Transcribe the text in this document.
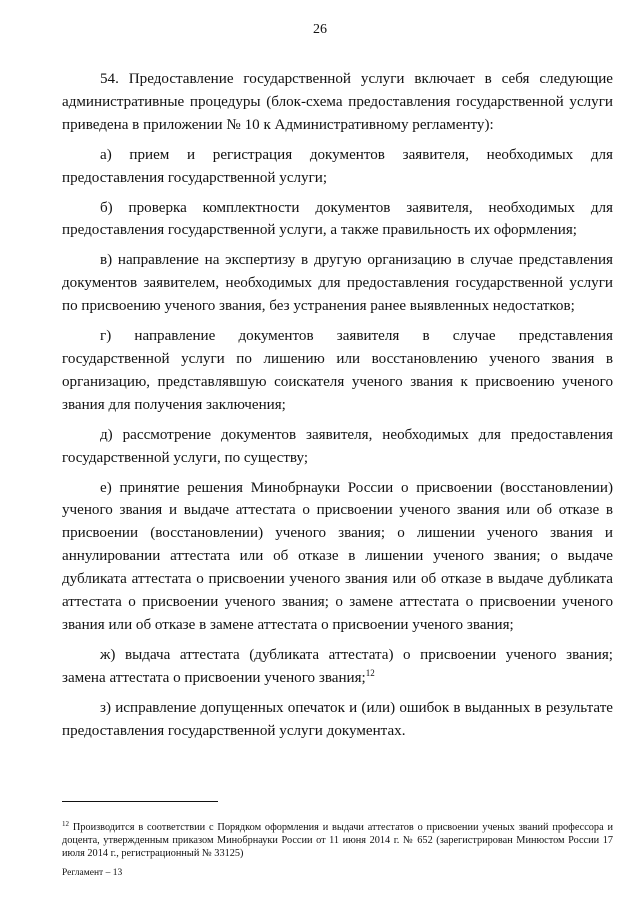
26

54. Предоставление государственной услуги включает в себя следующие административные процедуры (блок-схема предоставления государственной услуги приведена в приложении № 10 к Административному регламенту):

а)  прием  и  регистрация  документов  заявителя,  необходимых  для предоставления государственной услуги;

б) проверка комплектности документов заявителя, необходимых для предоставления государственной услуги, а также правильность их оформления;

в) направление на экспертизу в другую организацию в случае представления документов заявителем, необходимых для предоставления государственной услуги по присвоению ученого звания, без устранения ранее выявленных недостатков;

г)   направление   документов   заявителя   в   случае   представления государственной услуги по лишению или восстановлению ученого звания в организацию, представлявшую соискателя ученого звания к присвоению ученого звания для получения заключения;

д) рассмотрение документов заявителя, необходимых для предоставления государственной услуги, по существу;

е) принятие решения Минобрнауки России о присвоении (восстановлении) ученого звания и выдаче аттестата о присвоении ученого звания или об отказе в присвоении (восстановлении) ученого звания; о лишении ученого звания и аннулировании аттестата или об отказе в лишении ученого звания; о выдаче дубликата аттестата о присвоении ученого звания или об отказе в выдаче дубликата аттестата о присвоении ученого звания; о замене аттестата о присвоении ученого звания или об отказе в замене аттестата о присвоении ученого звания;

ж) выдача аттестата (дубликата аттестата) о присвоении ученого звания; замена аттестата о присвоении ученого звания;$^{12}$

з) исправление допущенных опечаток и (или) ошибок в выданных в результате предоставления государственной услуги документах.

$^{12}$ Производится в соответствии с Порядком оформления и выдачи аттестатов о присвоении ученых званий профессора и доцента, утвержденным приказом Минобрнауки России от 11 июня 2014 г. № 652 (зарегистрирован Минюстом России 17 июля 2014 г., регистрационный № 33125)

Регламент – 13
